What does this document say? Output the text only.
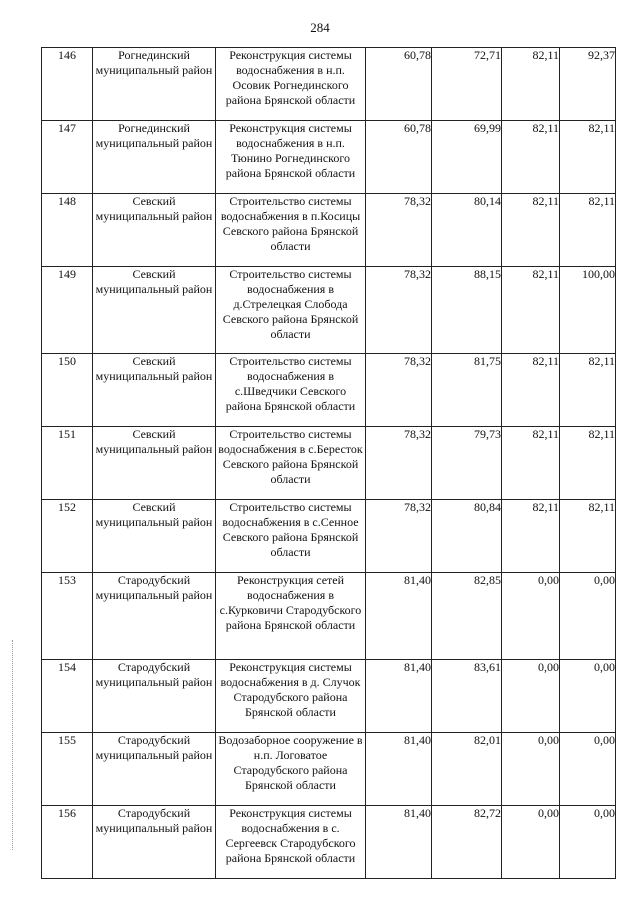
284
146	Рогнединский муниципальный район	Реконструкция системы водоснабжения в н.п. Осовик Рогнединского района Брянской области	60,78	72,71	82,11	92,37
147	Рогнединский муниципальный район	Реконструкция системы водоснабжения в н.п. Тюнино Рогнединского района Брянской области	60,78	69,99	82,11	82,11
148	Севский муниципальный район	Строительство системы водоснабжения в п.Косицы Севского района Брянской области	78,32	80,14	82,11	82,11
149	Севский муниципальный район	Строительство системы водоснабжения в д.Стрелецкая Слобода Севского района Брянской области	78,32	88,15	82,11	100,00
150	Севский муниципальный район	Строительство системы водоснабжения в с.Шведчики Севского района Брянской области	78,32	81,75	82,11	82,11
151	Севский муниципальный район	Строительство системы водоснабжения в с.Бересток Севского района Брянской области	78,32	79,73	82,11	82,11
152	Севский муниципальный район	Строительство системы водоснабжения в с.Сенное Севского района Брянской области	78,32	80,84	82,11	82,11
153	Стародубский муниципальный район	Реконструкция сетей водоснабжения в с.Курковичи Стародубского района Брянской области	81,40	82,85	0,00	0,00
154	Стародубский муниципальный район	Реконструкция системы водоснабжения в д. Случок Стародубского района Брянской области	81,40	83,61	0,00	0,00
155	Стародубский муниципальный район	Водозаборное сооружение в н.п. Логоватое Стародубского района Брянской области	81,40	82,01	0,00	0,00
156	Стародубский муниципальный район	Реконструкция системы водоснабжения в с. Сергеевск Стародубского района Брянской области	81,40	82,72	0,00	0,00
